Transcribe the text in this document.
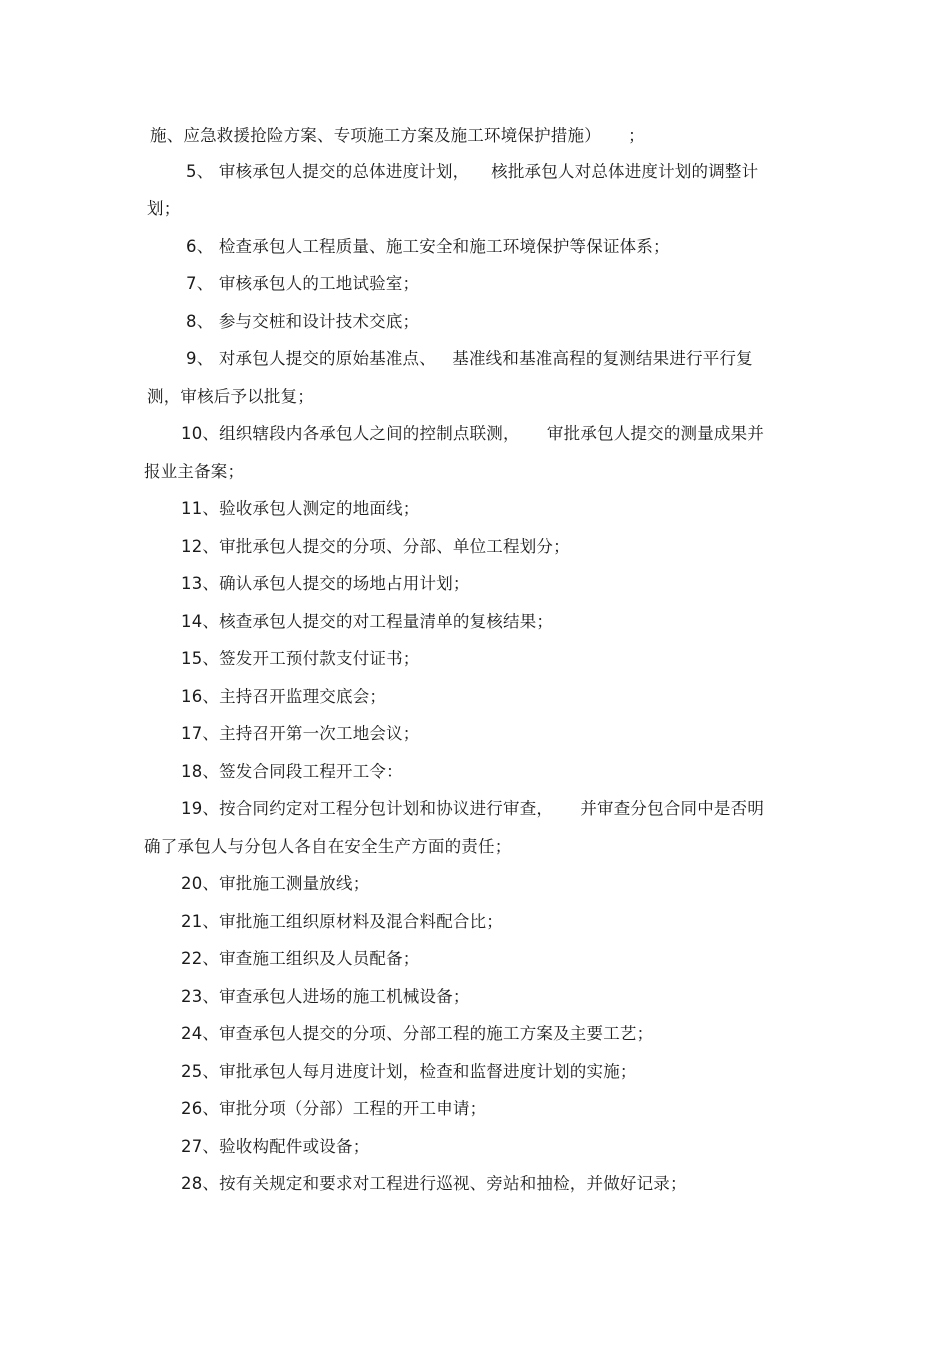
施、应急救援抢险方案、专项施工方案及施工环境保护措施）     ；
5、 审核承包人提交的总体进度计划，    核批承包人对总体进度计划的调整计
划；
6、 检查承包人工程质量、施工安全和施工环境保护等保证体系；
7、 审核承包人的工地试验室；
8、 参与交桩和设计技术交底；
9、 对承包人提交的原始基准点、   基准线和基准高程的复测结果进行平行复
测，审核后予以批复；
10、组织辖段内各承包人之间的控制点联测，     审批承包人提交的测量成果并
报业主备案；
11、验收承包人测定的地面线；
12、审批承包人提交的分项、分部、单位工程划分；
13、确认承包人提交的场地占用计划；
14、核查承包人提交的对工程量清单的复核结果；
15、签发开工预付款支付证书；
16、主持召开监理交底会；
17、主持召开第一次工地会议；
18、签发合同段工程开工令：
19、按合同约定对工程分包计划和协议进行审查，     并审查分包合同中是否明
确了承包人与分包人各自在安全生产方面的责任；
20、审批施工测量放线；
21、审批施工组织原材料及混合料配合比；
22、审查施工组织及人员配备；
23、审查承包人进场的施工机械设备；
24、审查承包人提交的分项、分部工程的施工方案及主要工艺；
25、审批承包人每月进度计划，检查和监督进度计划的实施；
26、审批分项（分部）工程的开工申请；
27、验收构配件或设备；
28、按有关规定和要求对工程进行巡视、旁站和抽检，并做好记录；
